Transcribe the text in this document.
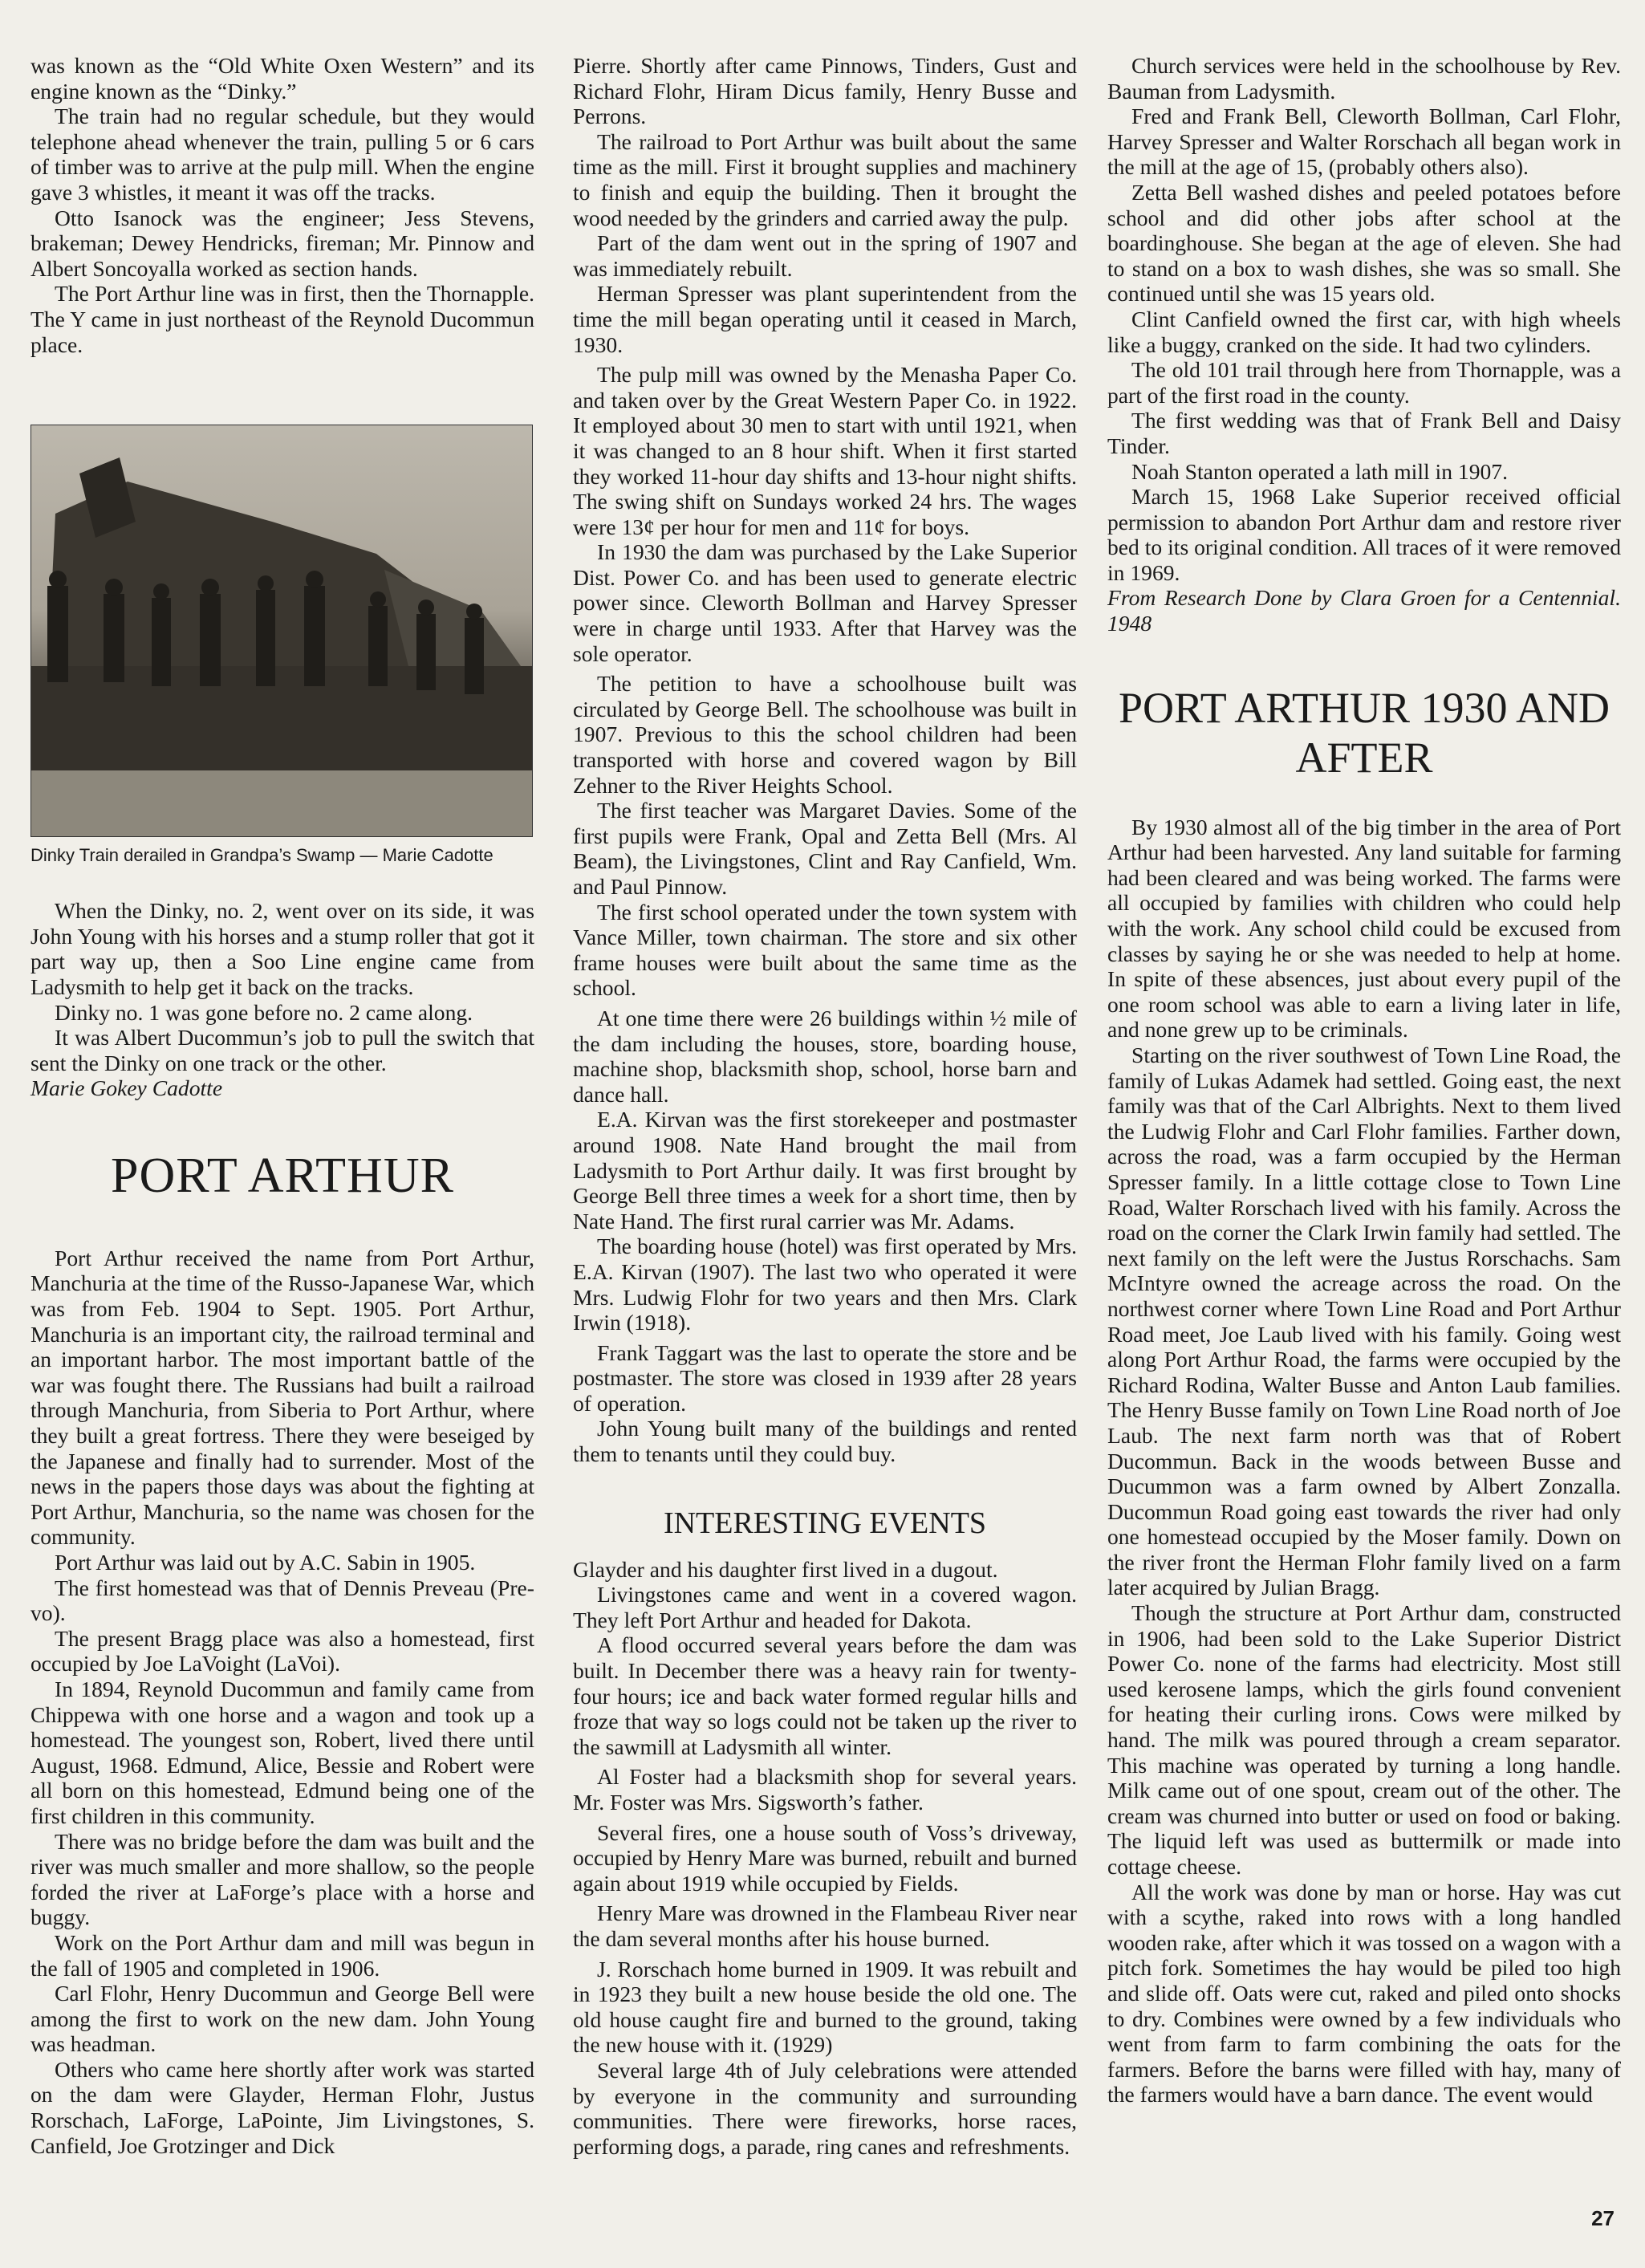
was known as the “Old White Oxen Western” and its engine known as the “Dinky.”

The train had no regular schedule, but they would telephone ahead whenever the train, pulling 5 or 6 cars of timber was to arrive at the pulp mill. When the engine gave 3 whistles, it meant it was off the tracks.

Otto Isanock was the engineer; Jess Stevens, brakeman; Dewey Hendricks, fireman; Mr. Pinnow and Albert Soncoyalla worked as section hands.

The Port Arthur line was in first, then the Thornapple. The Y came in just northeast of the Reynold Ducommun place.

Dinky Train derailed in Grandpa’s Swamp — Marie Cadotte

When the Dinky, no. 2, went over on its side, it was John Young with his horses and a stump roller that got it part way up, then a Soo Line engine came from Ladysmith to help get it back on the tracks.

Dinky no. 1 was gone before no. 2 came along.

It was Albert Ducommun’s job to pull the switch that sent the Dinky on one track or the other.

Marie Gokey Cadotte

PORT ARTHUR

Port Arthur received the name from Port Arthur, Manchuria at the time of the Russo-Japanese War, which was from Feb. 1904 to Sept. 1905. Port Arthur, Manchuria is an important city, the railroad terminal and an important harbor. The most important battle of the war was fought there. The Russians had built a railroad through Manchuria, from Siberia to Port Arthur, where they built a great fortress. There they were beseiged by the Japanese and finally had to surrender. Most of the news in the papers those days was about the fighting at Port Arthur, Manchuria, so the name was chosen for the community.

Port Arthur was laid out by A.C. Sabin in 1905.

The first homestead was that of Dennis Preveau (Pre-vo).

The present Bragg place was also a homestead, first occupied by Joe LaVoight (LaVoi).

In 1894, Reynold Ducommun and family came from Chippewa with one horse and a wagon and took up a homestead. The youngest son, Robert, lived there until August, 1968. Edmund, Alice, Bessie and Robert were all born on this homestead, Edmund being one of the first children in this community.

There was no bridge before the dam was built and the river was much smaller and more shallow, so the people forded the river at LaForge’s place with a horse and buggy.

Work on the Port Arthur dam and mill was begun in the fall of 1905 and completed in 1906.

Carl Flohr, Henry Ducommun and George Bell were among the first to work on the new dam. John Young was headman.

Others who came here shortly after work was started on the dam were Glayder, Herman Flohr, Justus Rorschach, LaForge, LaPointe, Jim Livingstones, S. Canfield, Joe Grotzinger and Dick

Pierre. Shortly after came Pinnows, Tinders, Gust and Richard Flohr, Hiram Dicus family, Henry Busse and Perrons.

The railroad to Port Arthur was built about the same time as the mill. First it brought supplies and machinery to finish and equip the building. Then it brought the wood needed by the grinders and carried away the pulp.

Part of the dam went out in the spring of 1907 and was immediately rebuilt.

Herman Spresser was plant superintendent from the time the mill began operating until it ceased in March, 1930.

The pulp mill was owned by the Menasha Paper Co. and taken over by the Great Western Paper Co. in 1922. It employed about 30 men to start with until 1921, when it was changed to an 8 hour shift. When it first started they worked 11-hour day shifts and 13-hour night shifts. The swing shift on Sundays worked 24 hrs. The wages were 13¢ per hour for men and 11¢ for boys.

In 1930 the dam was purchased by the Lake Superior Dist. Power Co. and has been used to generate electric power since. Cleworth Bollman and Harvey Spresser were in charge until 1933. After that Harvey was the sole operator.

The petition to have a schoolhouse built was circulated by George Bell. The schoolhouse was built in 1907. Previous to this the school children had been transported with horse and covered wagon by Bill Zehner to the River Heights School.

The first teacher was Margaret Davies. Some of the first pupils were Frank, Opal and Zetta Bell (Mrs. Al Beam), the Livingstones, Clint and Ray Canfield, Wm. and Paul Pinnow.

The first school operated under the town system with Vance Miller, town chairman. The store and six other frame houses were built about the same time as the school.

At one time there were 26 buildings within ½ mile of the dam including the houses, store, boarding house, machine shop, blacksmith shop, school, horse barn and dance hall.

E.A. Kirvan was the first storekeeper and postmaster around 1908. Nate Hand brought the mail from Ladysmith to Port Arthur daily. It was first brought by George Bell three times a week for a short time, then by Nate Hand. The first rural carrier was Mr. Adams.

The boarding house (hotel) was first operated by Mrs. E.A. Kirvan (1907). The last two who operated it were Mrs. Ludwig Flohr for two years and then Mrs. Clark Irwin (1918).

Frank Taggart was the last to operate the store and be postmaster. The store was closed in 1939 after 28 years of operation.

John Young built many of the buildings and rented them to tenants until they could buy.

INTERESTING EVENTS

Glayder and his daughter first lived in a dugout.

Livingstones came and went in a covered wagon. They left Port Arthur and headed for Dakota.

A flood occurred several years before the dam was built. In December there was a heavy rain for twenty-four hours; ice and back water formed regular hills and froze that way so logs could not be taken up the river to the sawmill at Ladysmith all winter.

Al Foster had a blacksmith shop for several years. Mr. Foster was Mrs. Sigsworth’s father.

Several fires, one a house south of Voss’s driveway, occupied by Henry Mare was burned, rebuilt and burned again about 1919 while occupied by Fields.

Henry Mare was drowned in the Flambeau River near the dam several months after his house burned.

J. Rorschach home burned in 1909. It was rebuilt and in 1923 they built a new house beside the old one. The old house caught fire and burned to the ground, taking the new house with it. (1929)

Several large 4th of July celebrations were attended by everyone in the community and surrounding communities. There were fireworks, horse races, performing dogs, a parade, ring canes and refreshments.

Church services were held in the schoolhouse by Rev. Bauman from Ladysmith.

Fred and Frank Bell, Cleworth Bollman, Carl Flohr, Harvey Spresser and Walter Rorschach all began work in the mill at the age of 15, (probably others also).

Zetta Bell washed dishes and peeled potatoes before school and did other jobs after school at the boardinghouse. She began at the age of eleven. She had to stand on a box to wash dishes, she was so small. She continued until she was 15 years old.

Clint Canfield owned the first car, with high wheels like a buggy, cranked on the side. It had two cylinders.

The old 101 trail through here from Thornapple, was a part of the first road in the county.

The first wedding was that of Frank Bell and Daisy Tinder.

Noah Stanton operated a lath mill in 1907.

March 15, 1968 Lake Superior received official permission to abandon Port Arthur dam and restore river bed to its original condition. All traces of it were removed in 1969.

From Research Done by Clara Groen for a Centennial. 1948

PORT ARTHUR 1930 AND AFTER

By 1930 almost all of the big timber in the area of Port Arthur had been harvested. Any land suitable for farming had been cleared and was being worked. The farms were all occupied by families with children who could help with the work. Any school child could be excused from classes by saying he or she was needed to help at home. In spite of these absences, just about every pupil of the one room school was able to earn a living later in life, and none grew up to be criminals.

Starting on the river southwest of Town Line Road, the family of Lukas Adamek had settled. Going east, the next family was that of the Carl Albrights. Next to them lived the Ludwig Flohr and Carl Flohr families. Farther down, across the road, was a farm occupied by the Herman Spresser family. In a little cottage close to Town Line Road, Walter Rorschach lived with his family. Across the road on the corner the Clark Irwin family had settled. The next family on the left were the Justus Rorschachs. Sam McIntyre owned the acreage across the road. On the northwest corner where Town Line Road and Port Arthur Road meet, Joe Laub lived with his family. Going west along Port Arthur Road, the farms were occupied by the Richard Rodina, Walter Busse and Anton Laub families. The Henry Busse family on Town Line Road north of Joe Laub. The next farm north was that of Robert Ducommun. Back in the woods between Busse and Ducummon was a farm owned by Albert Zonzalla. Ducommun Road going east towards the river had only one homestead occupied by the Moser family. Down on the river front the Herman Flohr family lived on a farm later acquired by Julian Bragg.

Though the structure at Port Arthur dam, constructed in 1906, had been sold to the Lake Superior District Power Co. none of the farms had electricity. Most still used kerosene lamps, which the girls found convenient for heating their curling irons. Cows were milked by hand. The milk was poured through a cream separator. This machine was operated by turning a long handle. Milk came out of one spout, cream out of the other. The cream was churned into butter or used on food or baking. The liquid left was used as buttermilk or made into cottage cheese.

All the work was done by man or horse. Hay was cut with a scythe, raked into rows with a long handled wooden rake, after which it was tossed on a wagon with a pitch fork. Sometimes the hay would be piled too high and slide off. Oats were cut, raked and piled onto shocks to dry. Combines were owned by a few individuals who went from farm to farm combining the oats for the farmers. Before the barns were filled with hay, many of the farmers would have a barn dance. The event would

27
